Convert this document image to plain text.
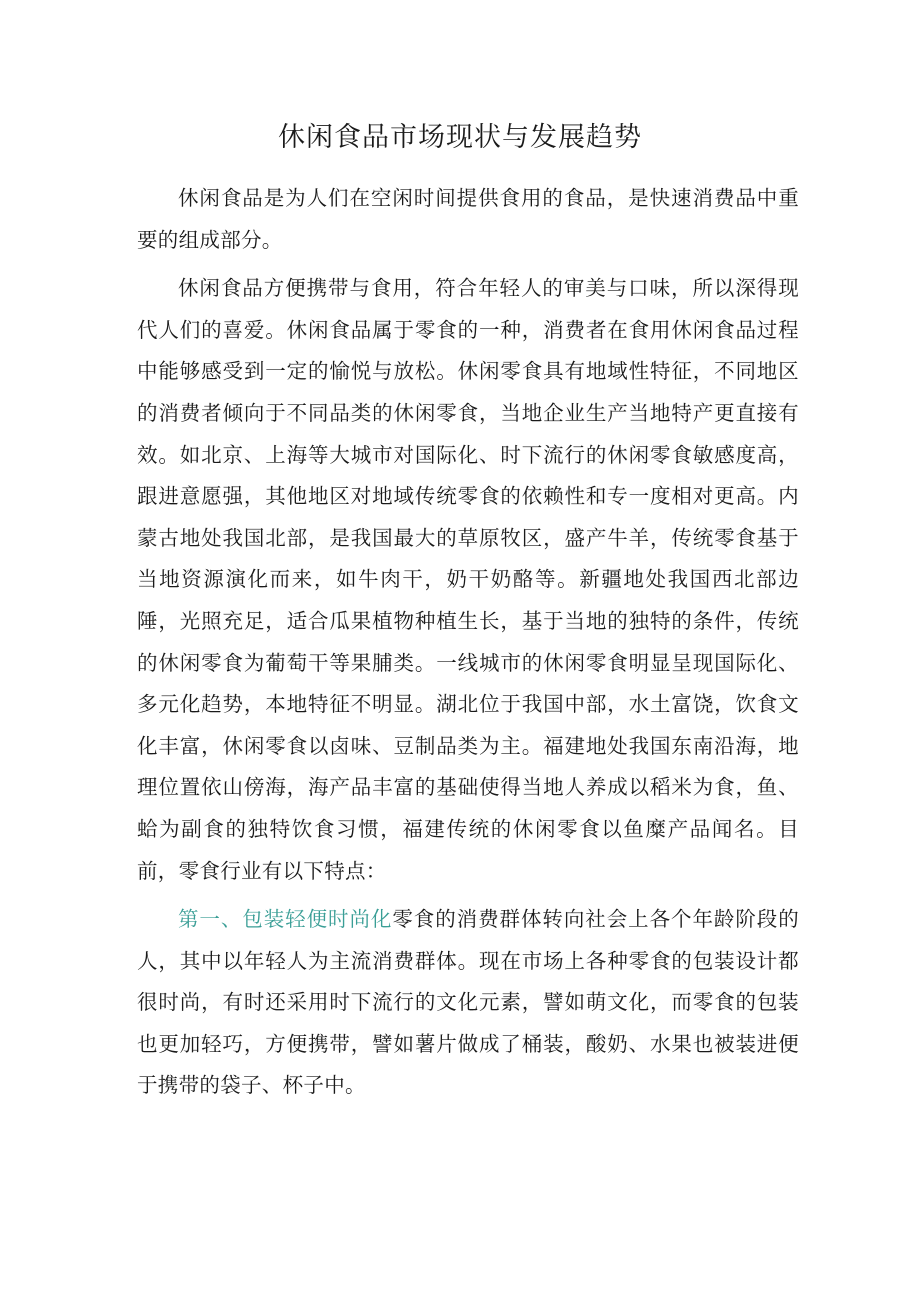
休闲食品市场现状与发展趋势

休闲食品是为人们在空闲时间提供食用的食品，是快速消费品中重要的组成部分。

休闲食品方便携带与食用，符合年轻人的审美与口味，所以深得现代人们的喜爱。休闲食品属于零食的一种，消费者在食用休闲食品过程中能够感受到一定的愉悦与放松。休闲零食具有地域性特征，不同地区的消费者倾向于不同品类的休闲零食，当地企业生产当地特产更直接有效。如北京、上海等大城市对国际化、时下流行的休闲零食敏感度高，跟进意愿强，其他地区对地域传统零食的依赖性和专一度相对更高。内蒙古地处我国北部，是我国最大的草原牧区，盛产牛羊，传统零食基于当地资源演化而来，如牛肉干，奶干奶酪等。新疆地处我国西北部边陲，光照充足，适合瓜果植物种植生长，基于当地的独特的条件，传统的休闲零食为葡萄干等果脯类。一线城市的休闲零食明显呈现国际化、多元化趋势，本地特征不明显。湖北位于我国中部，水土富饶，饮食文化丰富，休闲零食以卤味、豆制品类为主。福建地处我国东南沿海，地理位置依山傍海，海产品丰富的基础使得当地人养成以稻米为食，鱼、蛤为副食的独特饮食习惯，福建传统的休闲零食以鱼糜产品闻名。目前，零食行业有以下特点：

第一、包装轻便时尚化零食的消费群体转向社会上各个年龄阶段的人，其中以年轻人为主流消费群体。现在市场上各种零食的包装设计都很时尚，有时还采用时下流行的文化元素，譬如萌文化，而零食的包装也更加轻巧，方便携带，譬如薯片做成了桶装，酸奶、水果也被装进便于携带的袋子、杯子中。
